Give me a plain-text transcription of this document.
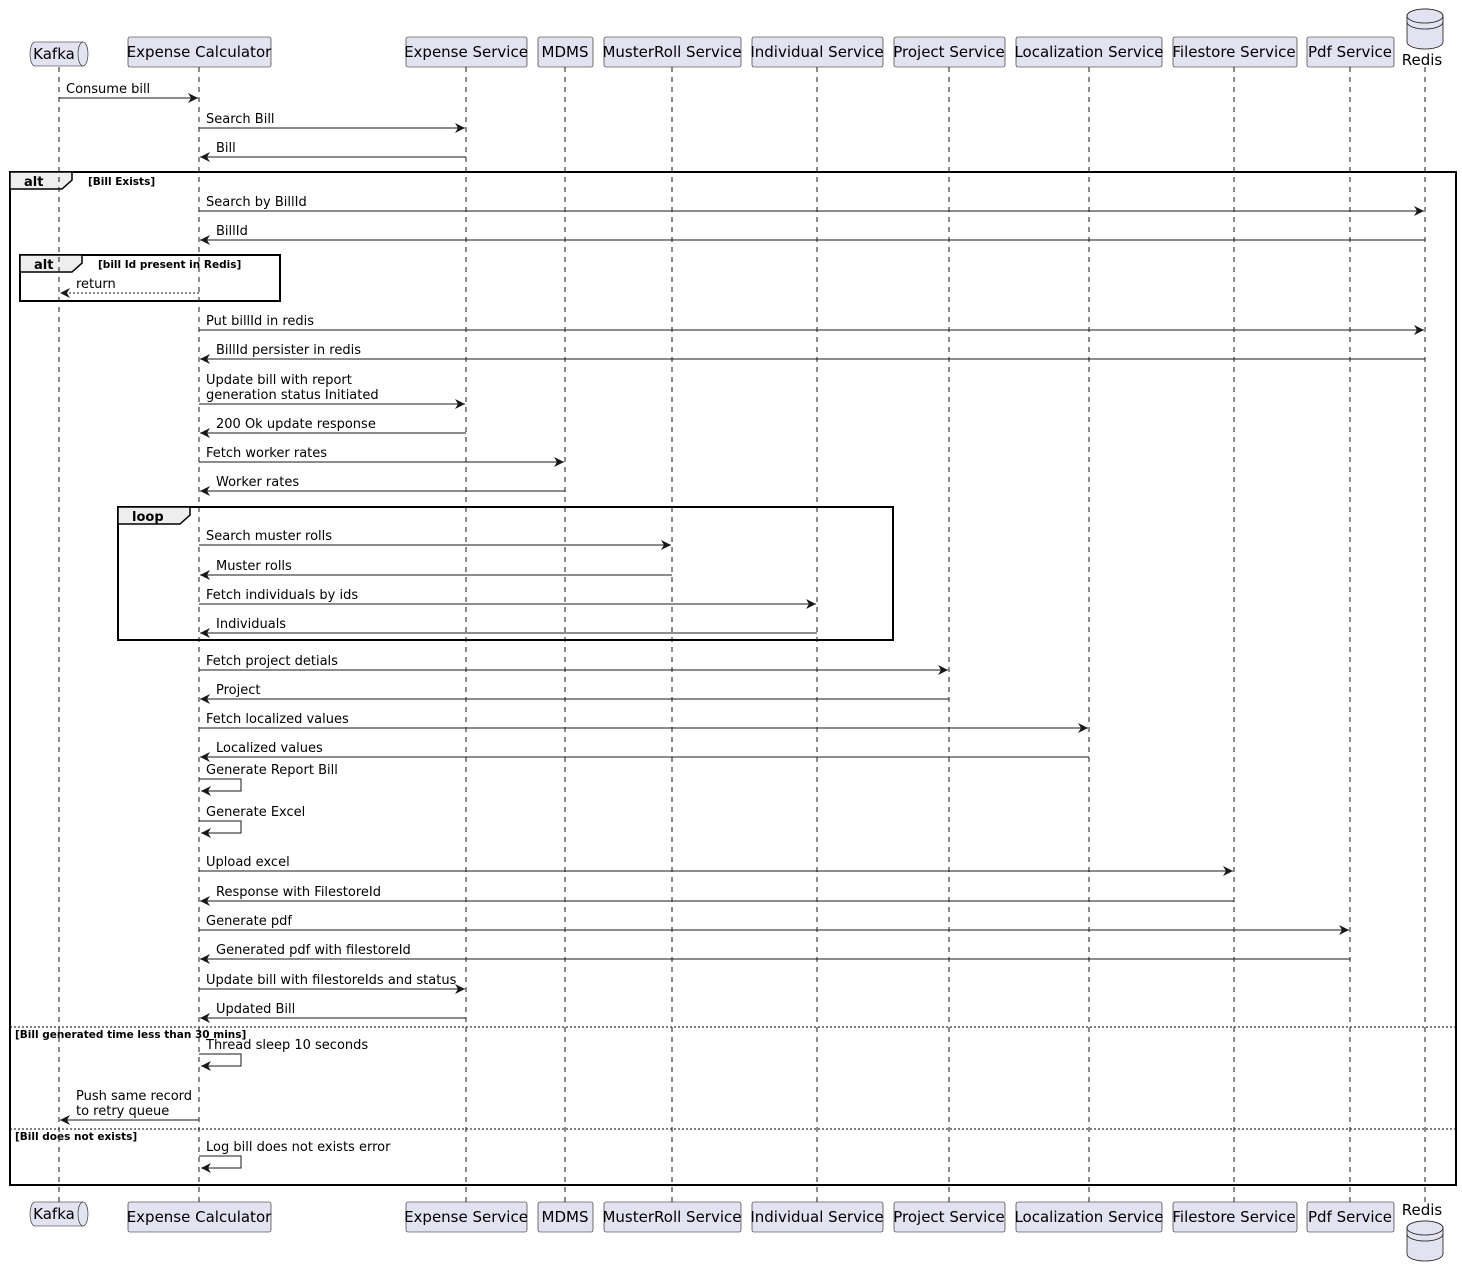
alt	[Bill Exists]
[Bill generated time less than 30 mins]
[Bill does not exists]
alt	[bill Id present in Redis]
loop
Kafka
Kafka
Expense Calculator
Expense Calculator
Expense Service
Expense Service
MDMS
MDMS
MusterRoll Service
MusterRoll Service
Individual Service
Individual Service
Project Service
Project Service
Localization Service
Localization Service
Filestore Service
Filestore Service
Pdf Service
Pdf Service
Redis
Redis
Consume bill
Search Bill
Bill
Search by BillId
BillId
return
Put billId in redis
BillId persister in redis
Update bill with report
generation status Initiated
200 Ok update response
Fetch worker rates
Worker rates
Search muster rolls
Muster rolls
Fetch individuals by ids
Individuals
Fetch project detials
Project
Fetch localized values
Localized values
Generate Report Bill
Generate Excel
Upload excel
Response with FilestoreId
Generate pdf
Generated pdf with filestoreId
Update bill with filestoreIds and status
Updated Bill
Thread sleep 10 seconds
Push same record
to retry queue
Log bill does not exists error
